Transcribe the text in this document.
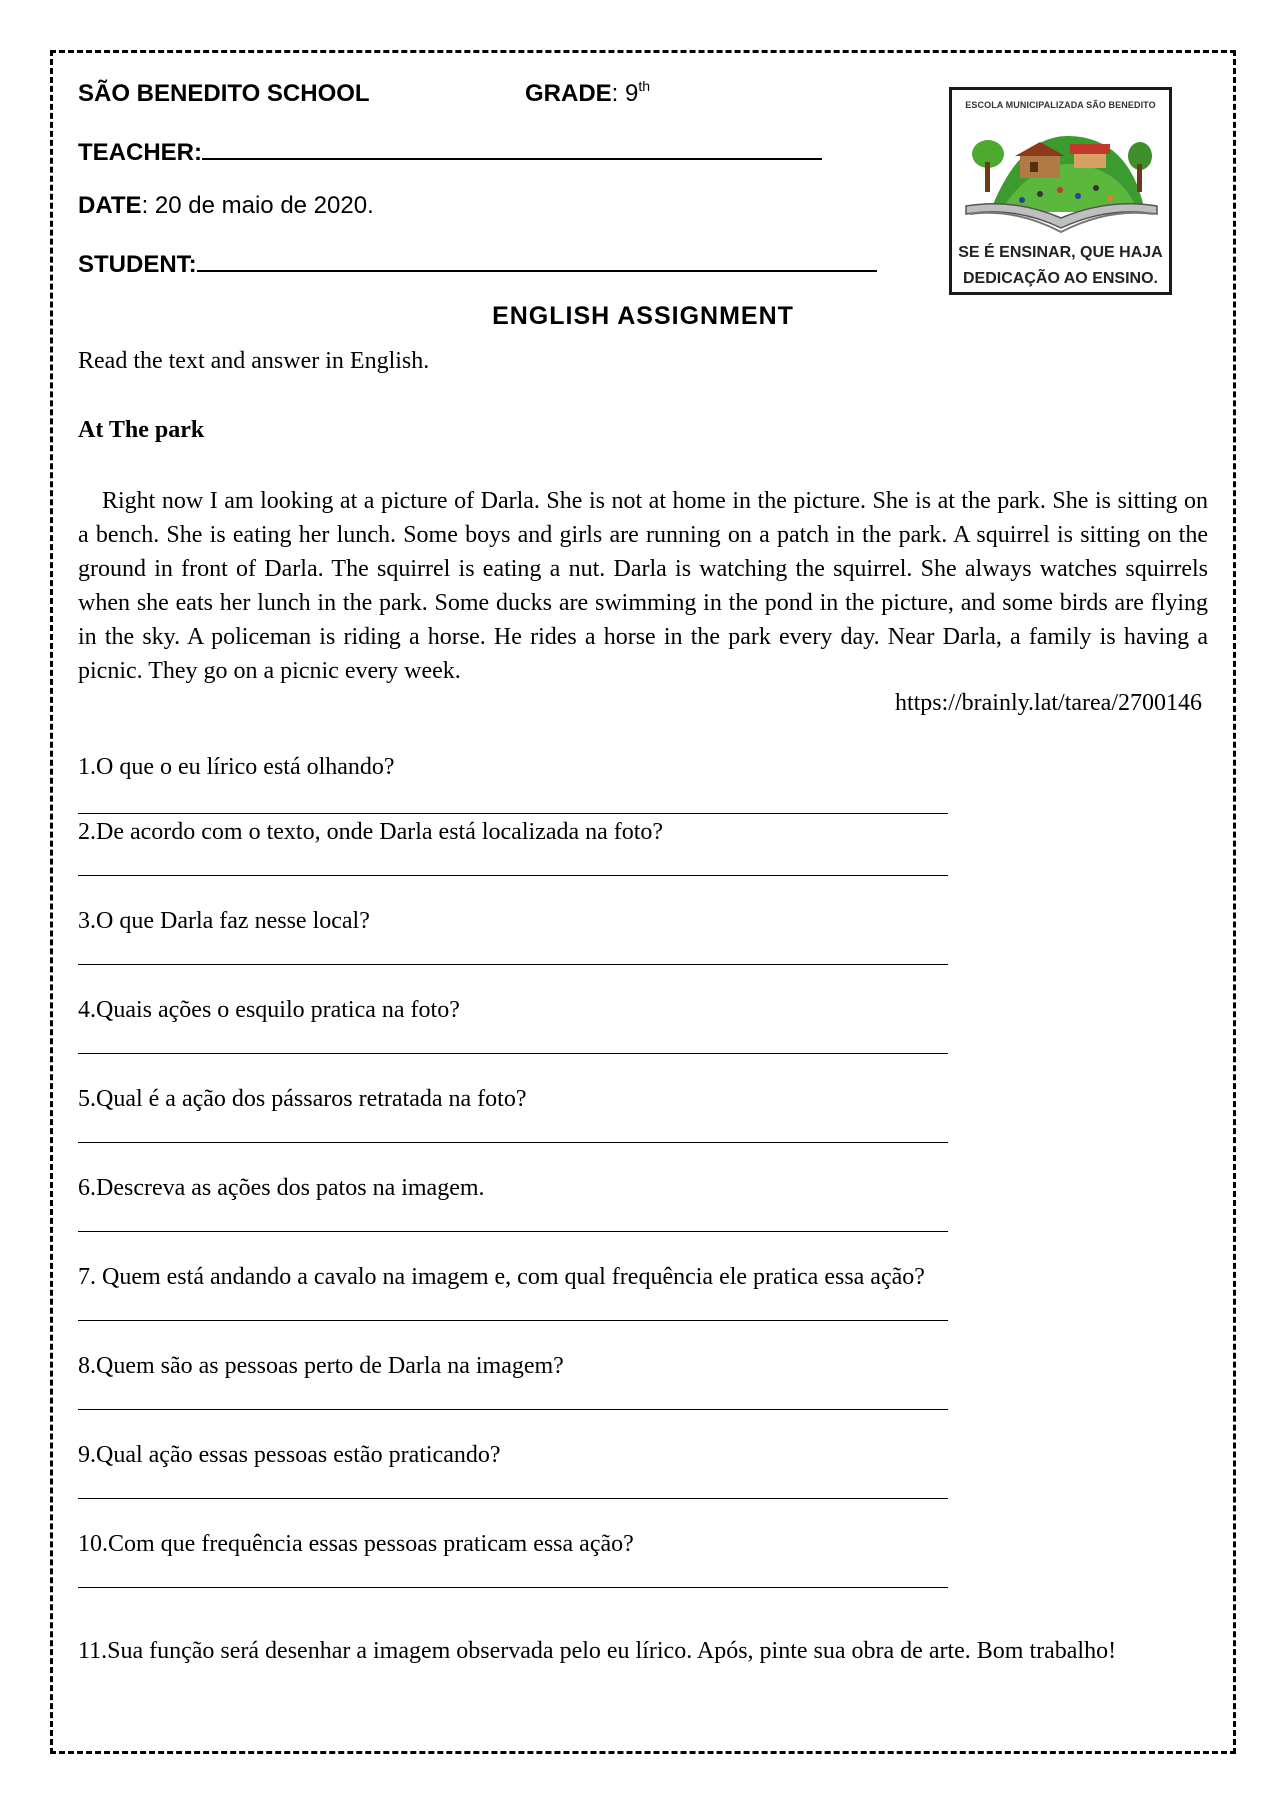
SÃO BENEDITO SCHOOL	GRADE: 9th
TEACHER:
DATE: 20 de maio de 2020.
STUDENT:
ESCOLA MUNICIPALIZADA SÃO BENEDITO
SE É ENSINAR, QUE HAJA
DEDICAÇÃO AO ENSINO.
ENGLISH ASSIGNMENT
Read the text and answer in English.
At The park
Right now I am looking at a picture of Darla. She is not at home in the picture. She is at the park. She is sitting on a bench. She is eating her lunch. Some boys and girls are running on a patch in the park. A squirrel is sitting on the ground in front of Darla. The squirrel is eating a nut. Darla is watching the squirrel. She always watches squirrels when she eats her lunch in the park. Some ducks are swimming in the pond in the picture, and some birds are flying in the sky. A policeman is riding a horse. He rides a horse in the park every day. Near Darla, a family is having a picnic. They go on a picnic every week.
https://brainly.lat/tarea/2700146
1.O que o eu lírico está olhando?
2.De acordo com o texto, onde Darla está localizada na foto?
3.O que Darla faz nesse local?
4.Quais ações o esquilo pratica na foto?
5.Qual é a ação dos pássaros retratada na foto?
6.Descreva as ações dos patos na imagem.
7. Quem está andando a cavalo na imagem e, com qual frequência ele pratica essa ação?
8.Quem são as pessoas perto de Darla na imagem?
9.Qual ação essas pessoas estão praticando?
10.Com que frequência essas pessoas praticam essa ação?
11.Sua função será desenhar a imagem observada pelo eu lírico. Após, pinte sua obra de arte. Bom trabalho!
